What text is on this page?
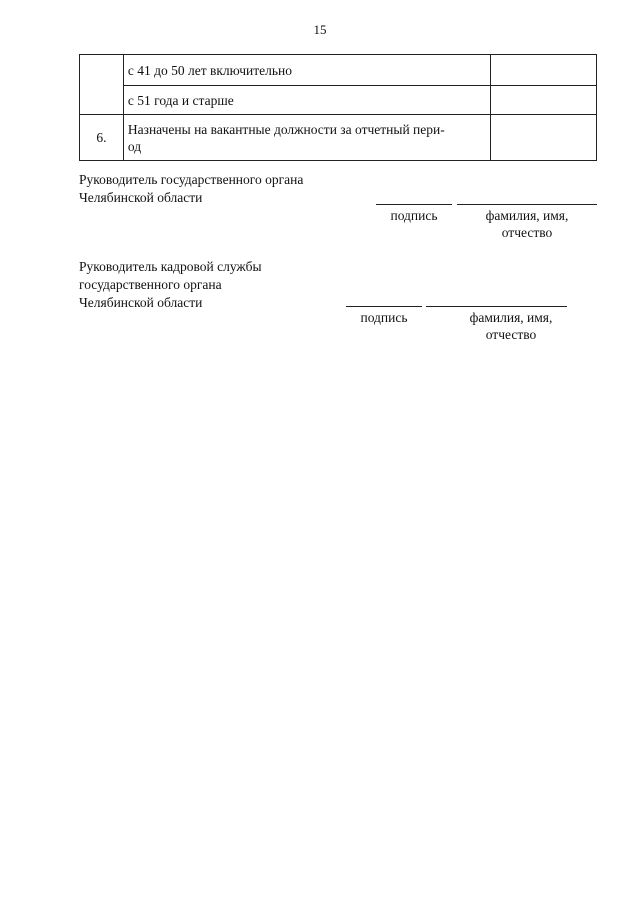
15
	с 41 до 50 лет включительно	
	с 51 года и старше	
6.	Назначены на вакантные должности за отчетный пери-
од	

Руководитель государственного органа
Челябинской области
подпись	фамилия, имя,
отчество
Руководитель кадровой службы
государственного органа
Челябинской области
подпись	фамилия, имя,
отчество
